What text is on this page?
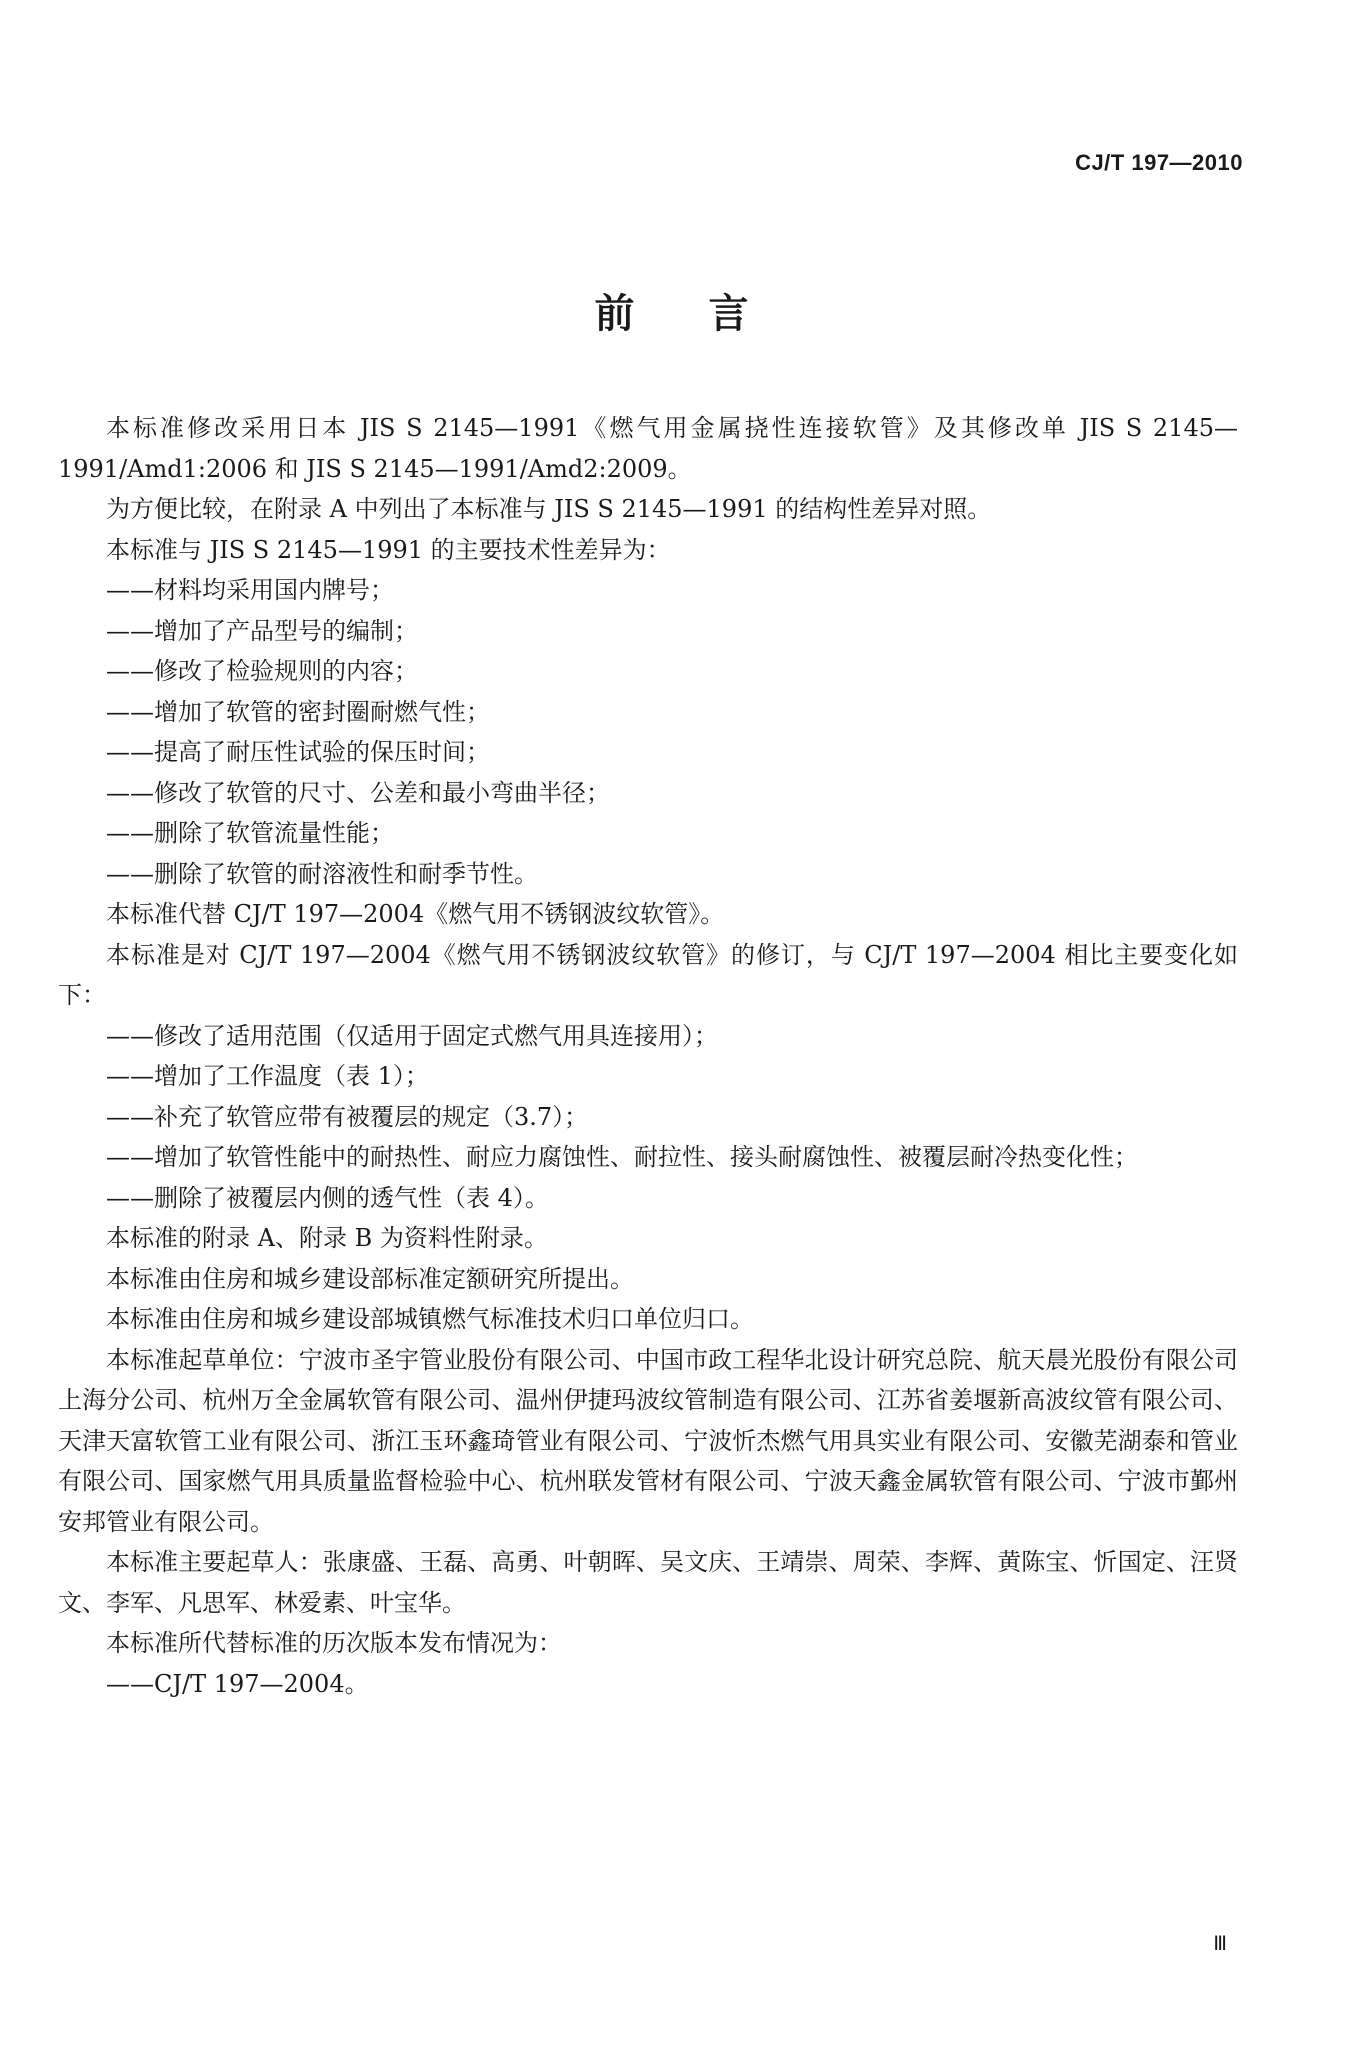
CJ/T 197—2010
前 言

本标准修改采用日本 JIS S 2145—1991《燃气用金属挠性连接软管》及其修改单 JIS S 2145—1991/Amd1:2006 和 JIS S 2145—1991/Amd2:2009。

为方便比较，在附录 A 中列出了本标准与 JIS S 2145—1991 的结构性差异对照。

本标准与 JIS S 2145—1991 的主要技术性差异为：

——材料均采用国内牌号；

——增加了产品型号的编制；

——修改了检验规则的内容；

——增加了软管的密封圈耐燃气性；

——提高了耐压性试验的保压时间；

——修改了软管的尺寸、公差和最小弯曲半径；

——删除了软管流量性能；

——删除了软管的耐溶液性和耐季节性。

本标准代替 CJ/T 197—2004《燃气用不锈钢波纹软管》。

本标准是对 CJ/T 197—2004《燃气用不锈钢波纹软管》的修订，与 CJ/T 197—2004 相比主要变化如下：

——修改了适用范围（仅适用于固定式燃气用具连接用）；

——增加了工作温度（表 1）；

——补充了软管应带有被覆层的规定（3.7）；

——增加了软管性能中的耐热性、耐应力腐蚀性、耐拉性、接头耐腐蚀性、被覆层耐冷热变化性；

——删除了被覆层内侧的透气性（表 4）。

本标准的附录 A、附录 B 为资料性附录。

本标准由住房和城乡建设部标准定额研究所提出。

本标准由住房和城乡建设部城镇燃气标准技术归口单位归口。

本标准起草单位：宁波市圣宇管业股份有限公司、中国市政工程华北设计研究总院、航天晨光股份有限公司上海分公司、杭州万全金属软管有限公司、温州伊捷玛波纹管制造有限公司、江苏省姜堰新高波纹管有限公司、天津天富软管工业有限公司、浙江玉环鑫琦管业有限公司、宁波忻杰燃气用具实业有限公司、安徽芜湖泰和管业有限公司、国家燃气用具质量监督检验中心、杭州联发管材有限公司、宁波天鑫金属软管有限公司、宁波市鄞州安邦管业有限公司。

本标准主要起草人：张康盛、王磊、高勇、叶朝晖、吴文庆、王靖崇、周荣、李辉、黄陈宝、忻国定、汪贤文、李军、凡思军、林爱素、叶宝华。

本标准所代替标准的历次版本发布情况为：

——CJ/T 197—2004。

Ⅲ
